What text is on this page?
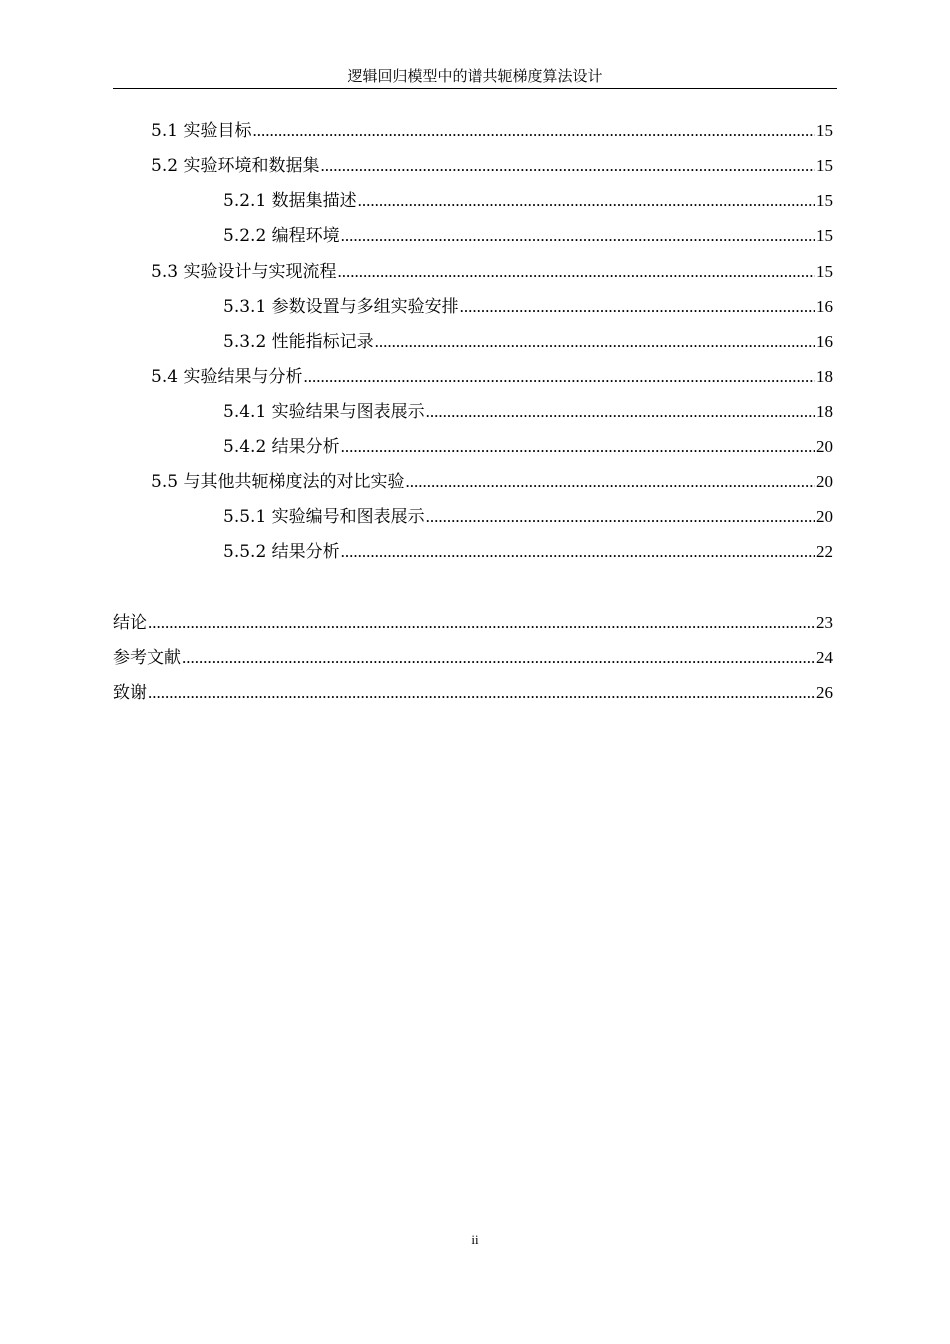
逻辑回归模型中的谱共轭梯度算法设计
5.1 实验目标 .....	15
5.2 实验环境和数据集 .....	15
5.2.1 数据集描述 .....	15
5.2.2 编程环境 .....	15
5.3 实验设计与实现流程 .....	15
5.3.1 参数设置与多组实验安排 .....	16
5.3.2 性能指标记录 .....	16
5.4 实验结果与分析 .....	18
5.4.1 实验结果与图表展示 .....	18
5.4.2 结果分析 .....	20
5.5 与其他共轭梯度法的对比实验 .....	20
5.5.1 实验编号和图表展示 .....	20
5.5.2 结果分析 .....	22
结论 .....	23
参考文献 .....	24
致谢 .....	26
ii
